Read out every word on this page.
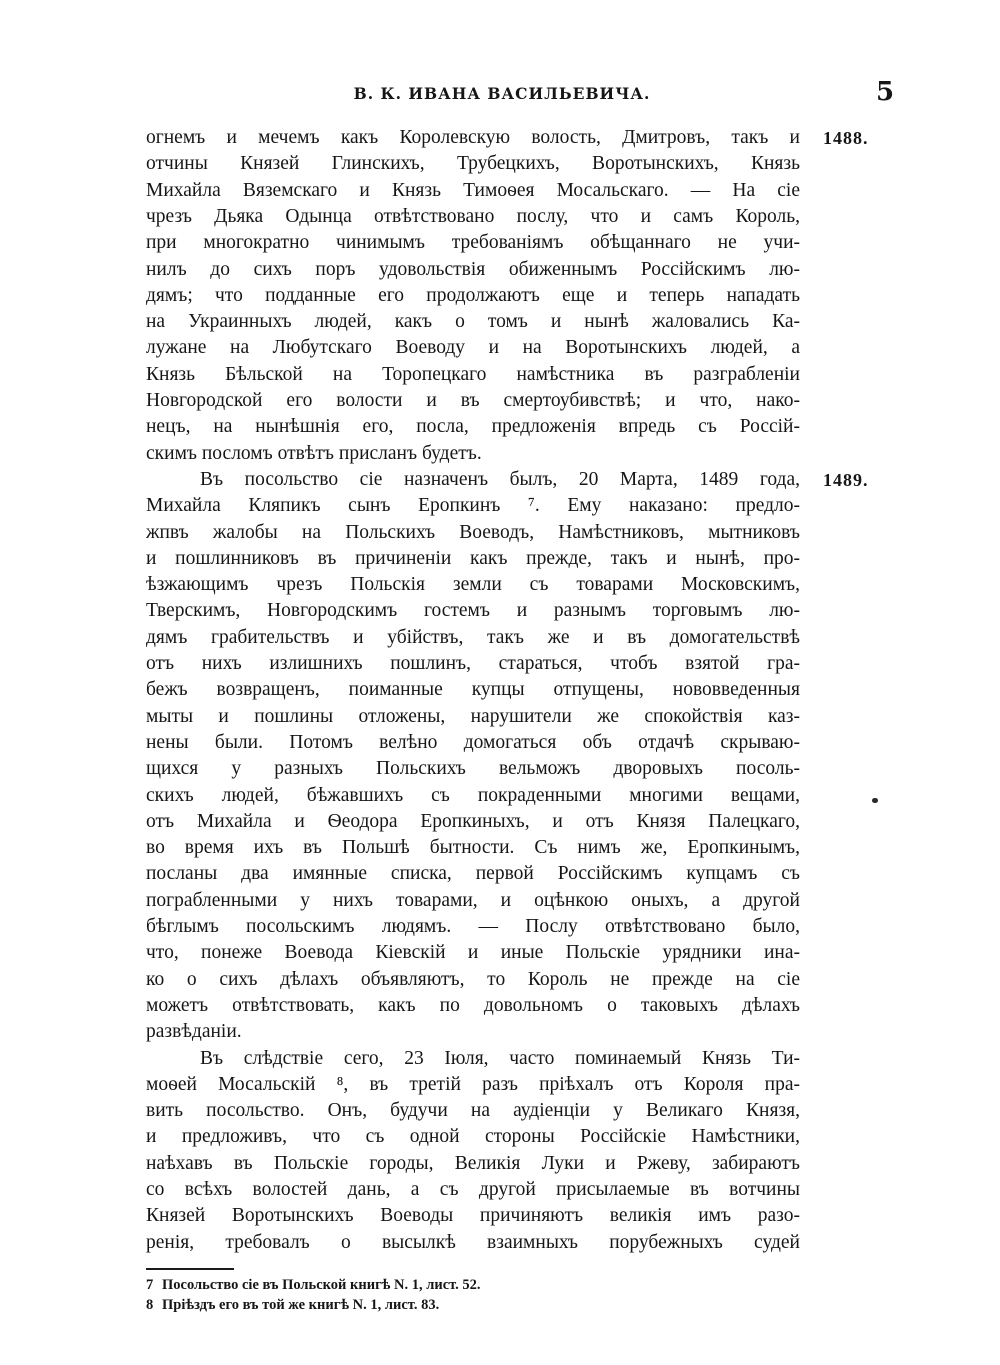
В. К. ИВАНА ВАСИЛЬЕВИЧА.	5
огнемъ и мечемъ какъ Королевскую волость, Дмитровъ, такъ и
отчины Князей Глинскихъ, Трубецкихъ, Воротынскихъ, Князь
Михайла Вяземскаго и Князь Тимоѳея Мосальскаго. — На сіе
чрезъ Дьяка Одынца отвѣтствовано послу, что и самъ Король,
при многократно чинимымъ требованіямъ обѣщаннаго не учи-
нилъ до сихъ поръ удовольствія обиженнымъ Россійскимъ лю-
дямъ; что подданные его продолжаютъ еще и теперь нападать
на Украинныхъ людей, какъ о томъ и нынѣ жаловались Ка-
лужане на Любутскаго Воеводу и на Воротынскихъ людей, а
Князь Бѣльской на Торопецкаго намѣстника въ разграбленіи
Новгородской его волости и въ смертоубивствѣ; и что, нако-
нецъ, на нынѣшнія его, посла, предложенія впредь съ Россій-
скимъ посломъ отвѣтъ присланъ будетъ.
Въ посольство сіе назначенъ былъ, 20 Марта, 1489 года,
Михайла Кляпикъ сынъ Еропкинъ ⁷. Ему наказано: предло-
жпвъ жалобы на Польскихъ Воеводъ, Намѣстниковъ, мытниковъ
и пошлинниковъ въ причиненіи какъ прежде, такъ и нынѣ, про-
ѣзжающимъ чрезъ Польскія земли съ товарами Московскимъ,
Тверскимъ, Новгородскимъ гостемъ и разнымъ торговымъ лю-
дямъ грабительствъ и убійствъ, такъ же и въ домогательствѣ
отъ нихъ излишнихъ пошлинъ, стараться, чтобъ взятой гра-
бежъ возвращенъ, поиманные купцы отпущены, нововведенныя
мыты и пошлины отложены, нарушители же спокойствія каз-
нены были. Потомъ велѣно домогаться объ отдачѣ скрываю-
щихся у разныхъ Польскихъ вельможъ дворовыхъ посоль-
скихъ людей, бѣжавшихъ съ покраденными многими вещами,
отъ Михайла и Ѳеодора Еропкиныхъ, и отъ Князя Палецкаго,
во время ихъ въ Польшѣ бытности. Съ нимъ же, Еропкинымъ,
посланы два имянные списка, первой Россійскимъ купцамъ съ
пограбленными у нихъ товарами, и оцѣнкою оныхъ, а другой
бѣглымъ посольскимъ людямъ. — Послу отвѣтствовано было,
что, понеже Воевода Кіевскій и иные Польскіе урядники ина-
ко о сихъ дѣлахъ объявляютъ, то Король не прежде на сіе
можетъ отвѣтствовать, какъ по довольномъ о таковыхъ дѣлахъ
развѣданіи.
Въ слѣдствіе сего, 23 Іюля, часто поминаемый Князь Ти-
моѳей Мосальскій ⁸, въ третій разъ пріѣхалъ отъ Короля пра-
вить посольство. Онъ, будучи на аудіенціи у Великаго Князя,
и предложивъ, что съ одной стороны Россійскіе Намѣстники,
наѣхавъ въ Польскіе городы, Великія Луки и Ржеву, забираютъ
со всѣхъ волостей дань, а съ другой присылаемые въ вотчины
Князей Воротынскихъ Воеводы причиняютъ великія имъ разо-
ренія, требовалъ о высылкѣ взаимныхъ порубежныхъ судей
1488.
1489.
7 Посольство сіе въ Польской книгѣ N. 1, лист. 52.
8 Пріѣздъ его въ той же книгѣ N. 1, лист. 83.
